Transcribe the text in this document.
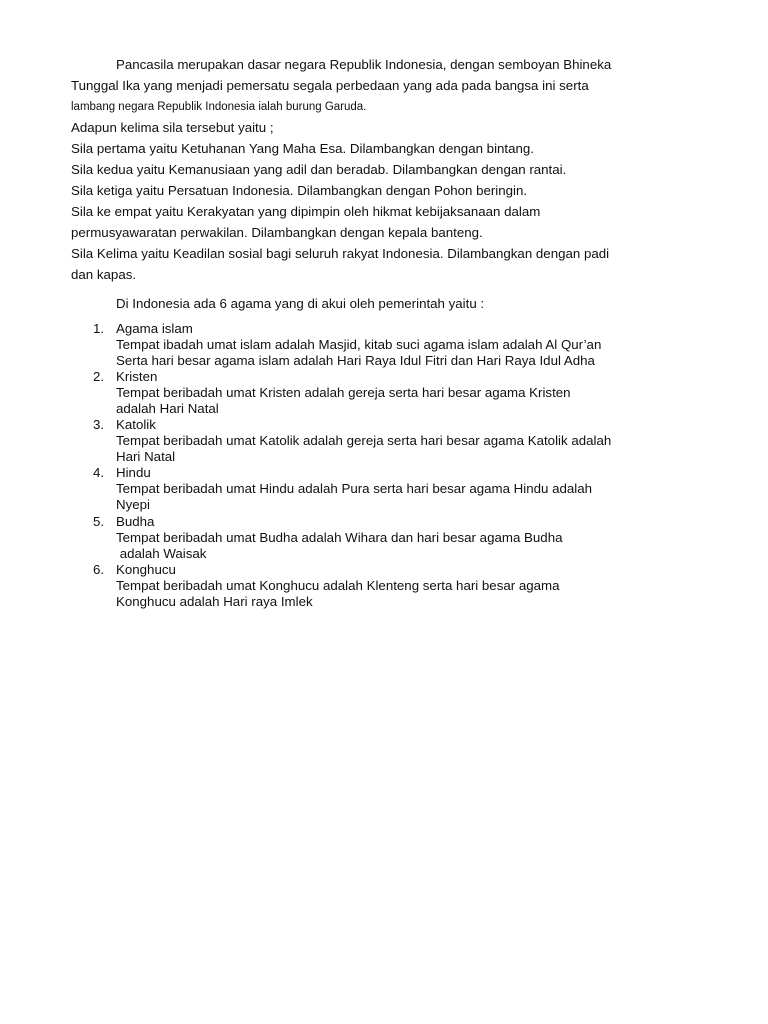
Pancasila merupakan dasar negara Republik Indonesia, dengan semboyan Bhineka
Tunggal Ika yang menjadi pemersatu segala perbedaan yang ada pada bangsa ini serta
lambang negara Republik Indonesia ialah burung Garuda.
Adapun kelima sila tersebut yaitu ;
Sila pertama yaitu Ketuhanan Yang Maha Esa. Dilambangkan dengan bintang.
Sila kedua yaitu Kemanusiaan yang adil dan beradab. Dilambangkan dengan rantai.
Sila ketiga yaitu Persatuan Indonesia. Dilambangkan dengan Pohon beringin.
Sila ke empat yaitu Kerakyatan yang dipimpin oleh hikmat kebijaksanaan dalam
permusyawaratan perwakilan. Dilambangkan dengan kepala banteng.
Sila Kelima yaitu Keadilan sosial bagi seluruh rakyat Indonesia. Dilambangkan dengan padi
dan kapas.
Di Indonesia ada 6 agama yang di akui oleh pemerintah yaitu :
1. Agama islam
Tempat ibadah umat islam adalah Masjid, kitab suci agama islam adalah Al Qur’an
Serta hari besar agama islam adalah Hari Raya Idul Fitri dan Hari Raya Idul Adha
2. Kristen
Tempat beribadah umat Kristen adalah gereja serta hari besar agama Kristen
adalah Hari Natal
3. Katolik
Tempat beribadah umat Katolik adalah gereja serta hari besar agama Katolik adalah
Hari Natal
4. Hindu
Tempat beribadah umat Hindu adalah Pura serta hari besar agama Hindu adalah
Nyepi
5. Budha
Tempat beribadah umat Budha adalah Wihara dan hari besar agama Budha
adalah Waisak
6. Konghucu
Tempat beribadah umat Konghucu adalah Klenteng serta hari besar agama
Konghucu adalah Hari raya Imlek
